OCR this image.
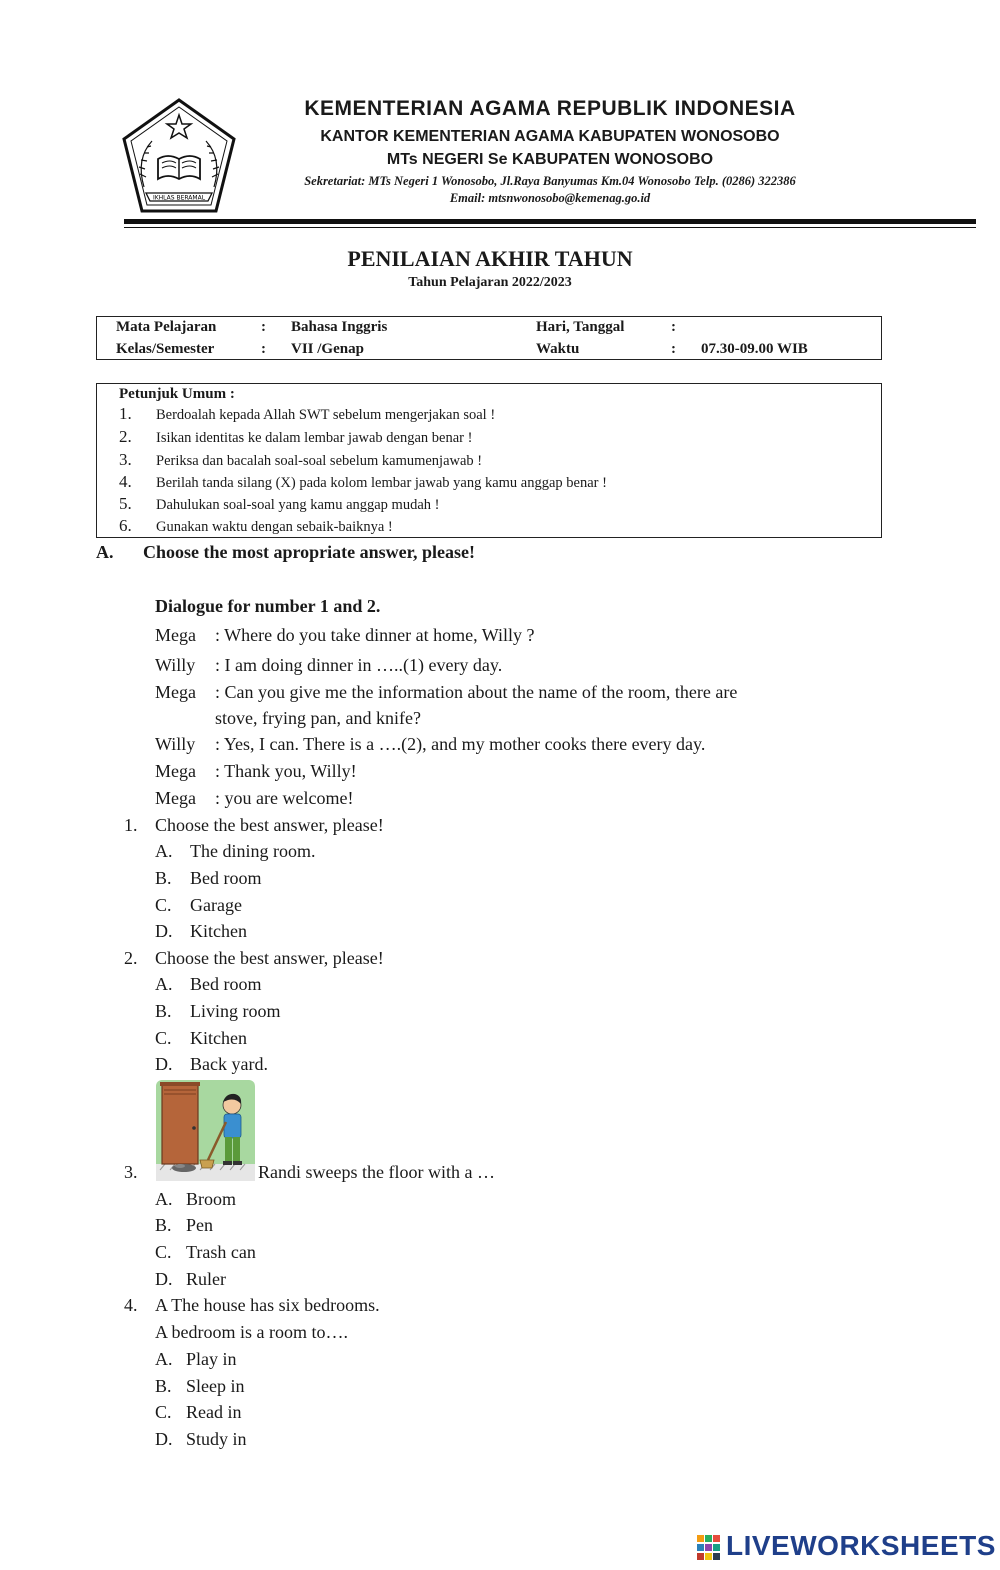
IKHLAS BERAMAL
KEMENTERIAN AGAMA REPUBLIK INDONESIA
KANTOR KEMENTERIAN AGAMA KABUPATEN WONOSOBO
MTs NEGERI Se KABUPATEN WONOSOBO
Sekretariat: MTs Negeri 1 Wonosobo, Jl.Raya Banyumas Km.04 Wonosobo Telp. (0286) 322386
Email: mtsnwonosobo@kemenag.go.id
PENILAIAN AKHIR TAHUN
Tahun Pelajaran 2022/2023
Mata Pelajaran	: Bahasa Inggris	Hari, Tanggal	:
Kelas/Semester	: VII /Genap	Waktu	: 07.30-09.00 WIB
Petunjuk Umum :
1. Berdoalah kepada Allah SWT sebelum mengerjakan soal !
2. Isikan identitas ke dalam lembar jawab dengan benar !
3. Periksa dan bacalah soal-soal sebelum kamumenjawab !
4. Berilah tanda silang (X) pada kolom lembar jawab yang kamu anggap benar !
5. Dahulukan soal-soal yang kamu anggap mudah !
6. Gunakan waktu dengan sebaik-baiknya !
A. Choose the most apropriate answer, please!
Dialogue for number 1 and 2.
Mega : Where do you take dinner at home, Willy ?
Willy : I am doing dinner in …..(1) every day.
Mega : Can you give me the information about the name of the room, there are
stove, frying pan, and knife?
Willy : Yes, I can. There is a ….(2), and my mother cooks there every day.
Mega : Thank you, Willy!
Mega : you are welcome!
1. Choose the best answer, please!
A. The dining room.
B. Bed room
C. Garage
D. Kitchen
2. Choose the best answer, please!
A. Bed room
B. Living room
C. Kitchen
D. Back yard.
3.	Randi sweeps the floor with a …
A. Broom
B. Pen
C. Trash can
D. Ruler
4. A The house has six bedrooms.
A bedroom is a room to….
A. Play in
B. Sleep in
C. Read in
D. Study in
LIVEWORKSHEETS
